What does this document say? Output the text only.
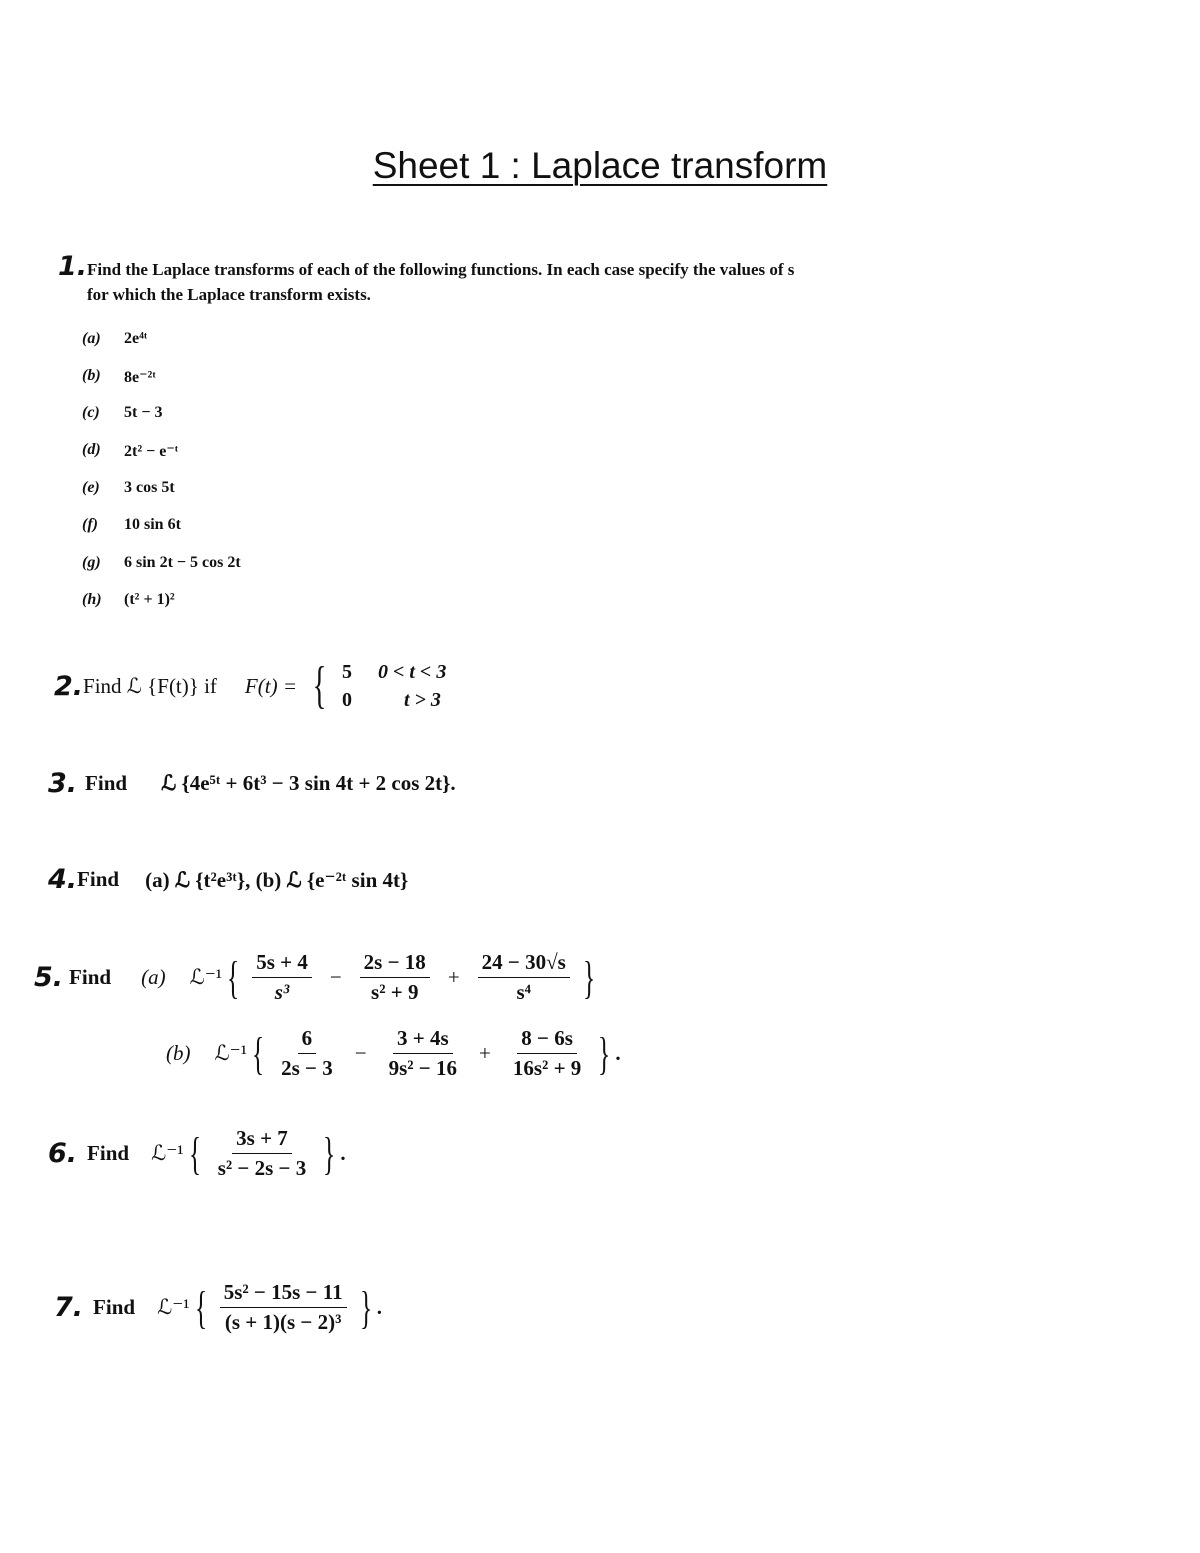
Sheet 1 : Laplace transform
1. Find the Laplace transforms of each of the following functions. In each case specify the values of s
for which the Laplace transform exists.
(a)	2e⁴ᵗ
(b)	8e⁻²ᵗ
(c)	5t − 3
(d)	2t² − e⁻ᵗ
(e)	3 cos 5t
(f)	10 sin 6t
(g)	6 sin 2t − 5 cos 2t
(h)	(t² + 1)²
2. Find ℒ {F(t)} if F(t) = { 5 0 < t < 3
0	t > 3
3. Find ℒ {4e⁵ᵗ + 6t³ − 3 sin 4t + 2 cos 2t}.
4. Find (a) ℒ {t²e³ᵗ}, (b) ℒ {e⁻²ᵗ sin 4t}
5. Find (a) ℒ⁻¹ { $\frac{5s + 4}{\text{s³}} - \frac{2s - 18}{\text{s² + 9}} + \frac{24 - 30√s}{\text{s⁴}}$ }
(b) ℒ⁻¹ { $\frac{6}{2s - 3} - \frac{3 + 4s}{\text{9s² − 16}} + \frac{8 - 6s}{\text{16s² + 9}}$ } .
6. Find ℒ⁻¹ { $\frac{3s + 7}{\text{s² − 2s − 3}}$ } .
7. Find ℒ⁻¹ { $\frac{\text{5s² − 15s − 11}}{\text{(s + 1)(s − 2)³}}$ } .
